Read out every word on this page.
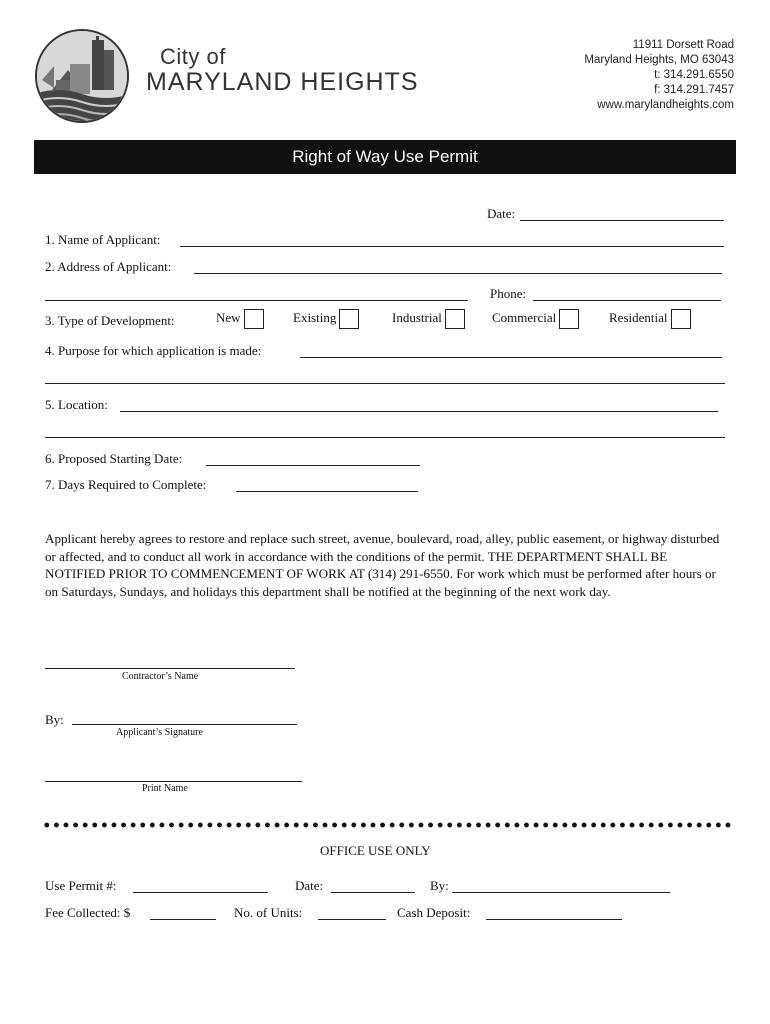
City of
MARYLAND HEIGHTS
11911 Dorsett Road
Maryland Heights, MO 63043
t: 314.291.6550
f: 314.291.7457
www.marylandheights.com
Right of Way Use Permit
Date:
1. Name of Applicant:
2. Address of Applicant:
Phone:
3. Type of Development:	New	Existing	Industrial	Commercial	Residential
4. Purpose for which application is made:
5. Location:
6. Proposed Starting Date:
7. Days Required to Complete:
Applicant hereby agrees to restore and replace such street, avenue, boulevard, road, alley, public easement, or highway disturbed or affected, and to conduct all work in accordance with the conditions of the permit. THE DEPARTMENT SHALL BE NOTIFIED PRIOR TO COMMENCEMENT OF WORK AT (314) 291-6550. For work which must be performed after hours or on Saturdays, Sundays, and holidays this department shall be notified at the beginning of the next work day.
Contractor’s Name
By:
Applicant’s Signature
Print Name
OFFICE USE ONLY
Use Permit #:	Date:	By:
Fee Collected: $	No. of Units:	Cash Deposit:
